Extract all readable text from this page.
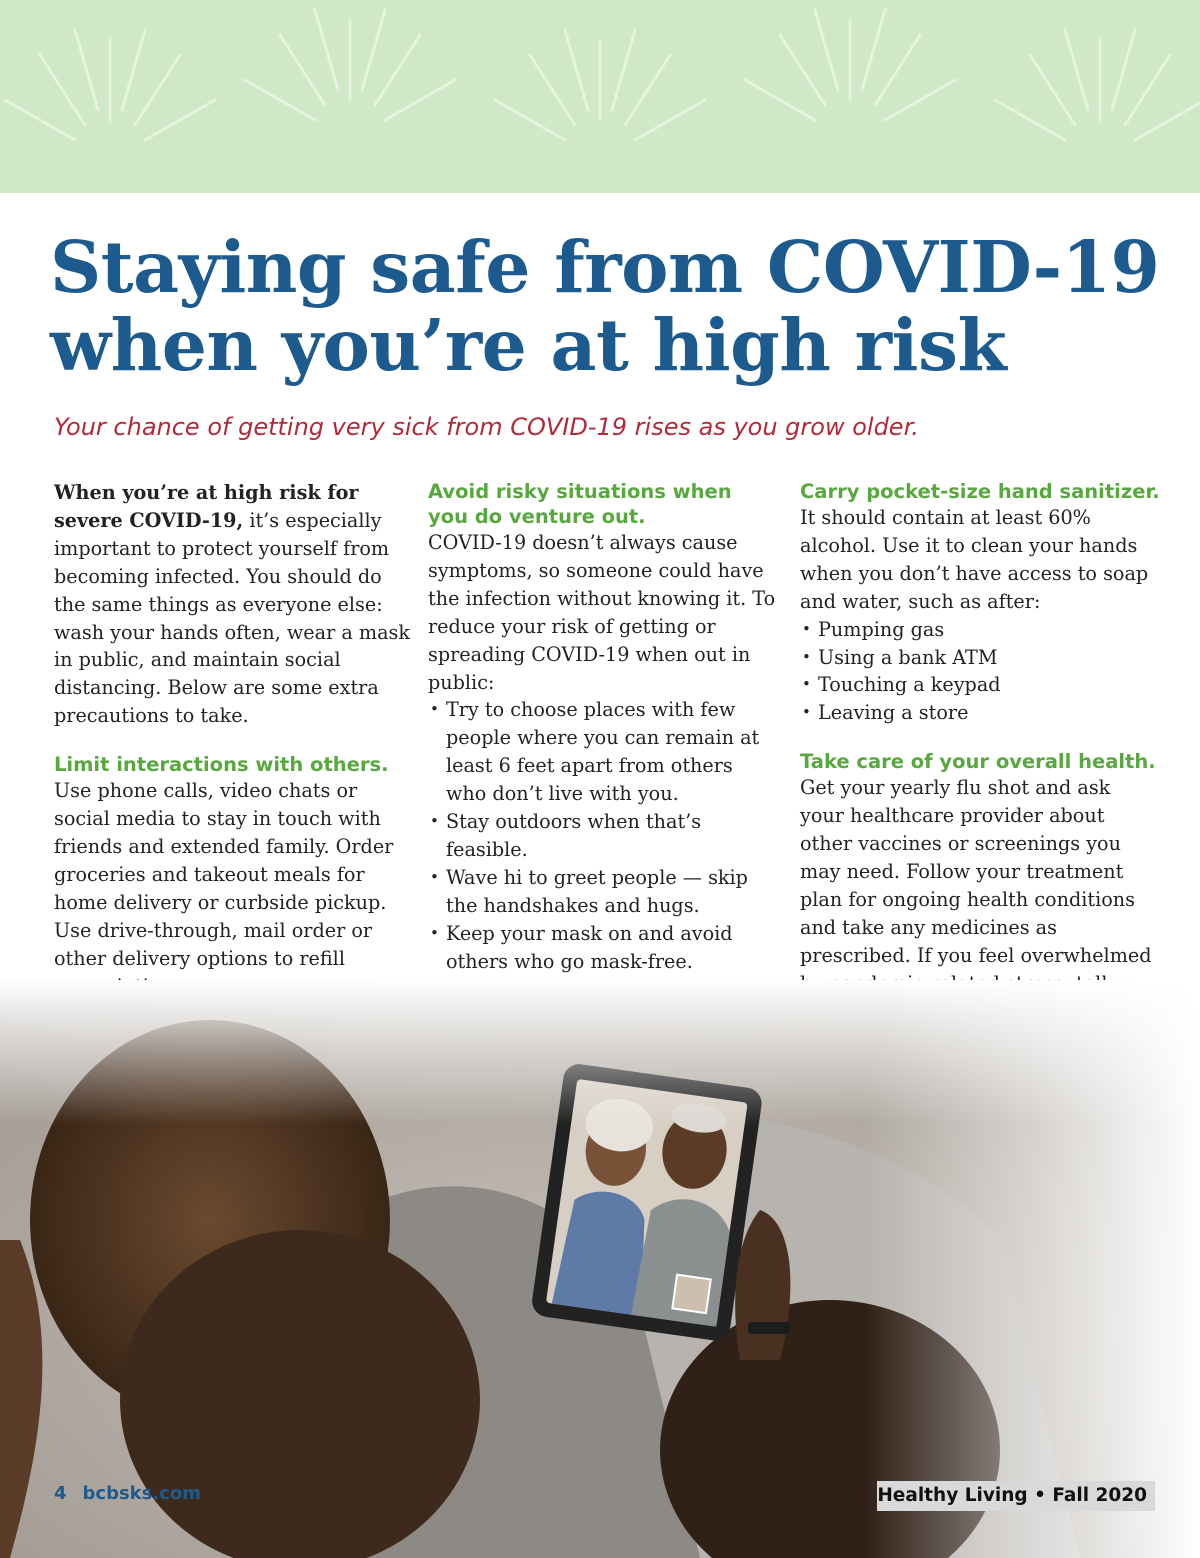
Staying safe from COVID-19
when you’re at high risk

Your chance of getting very sick from COVID-19 rises as you grow older.

When you’re at high risk for severe COVID-19, it’s especially important to protect yourself from becoming infected. You should do the same things as everyone else: wash your hands often, wear a mask in public, and maintain social distancing. Below are some extra precautions to take.

Limit interactions with others.

Use phone calls, video chats or social media to stay in touch with friends and extended family. Order groceries and takeout meals for home delivery or curbside pickup. Use drive-through, mail order or other delivery options to refill

Avoid risky situations when you do venture out.

COVID-19 doesn’t always cause symptoms, so someone could have the infection without knowing it. To reduce your risk of getting or spreading COVID-19 when out in public:

• Try to choose places with few people where you can remain at least 6 feet apart from others who don’t live with you.
• Stay outdoors when that’s feasible.
• Wave hi to greet people — skip the handshakes and hugs.
• Keep your mask on and avoid others who go mask-free.
Carry pocket-size hand sanitizer.

It should contain at least 60% alcohol. Use it to clean your hands when you don’t have access to soap and water, such as after:

• Pumping gas
• Using a bank ATM
• Touching a keypad
• Leaving a store
Take care of your overall health.

Get your yearly flu shot and ask your healthcare provider about other vaccines or screenings you may need. Follow your treatment plan for ongoing health conditions and take any medicines as prescribed. If you feel overwhelmed

4 bcbsks.com	Healthy Living • Fall 2020
